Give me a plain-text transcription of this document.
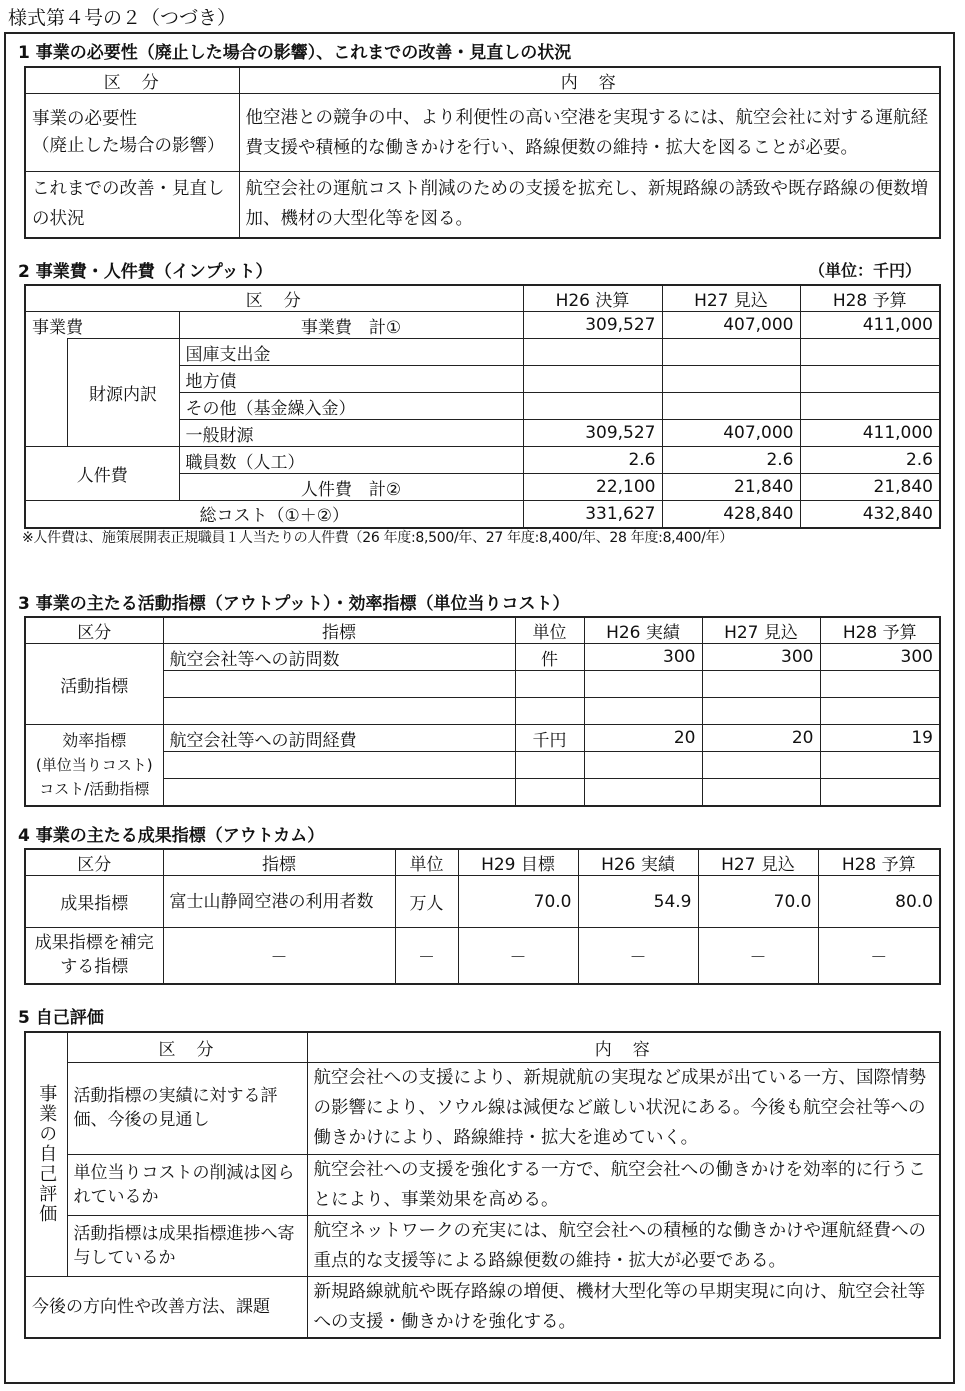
様式第４号の２（つづき）
1 事業の必要性（廃止した場合の影響）、これまでの改善・見直しの状況
区　分	内　容
事業の必要性
（廃止した場合の影響）	他空港との競争の中、より利便性の高い空港を実現するには、航空会社に対する運航経費支援や積極的な働きかけを行い、路線便数の維持・拡大を図ることが必要。
これまでの改善・見直しの状況	航空会社の運航コスト削減のための支援を拡充し、新規路線の誘致や既存路線の便数増加、機材の大型化等を図る。
2 事業費・人件費（インプット）	（単位：千円）
区　分			H26 決算	H27 見込	H28 予算
事業費		事業費　計①	309,527	407,000	411,000
	財源内訳	国庫支出金			
		地方債			
		その他（基金繰入金）			
		一般財源	309,527	407,000	411,000
人件費		職員数（人工）	2.6	2.6	2.6
		人件費　計②	22,100	21,840	21,840
総コスト（①＋②）			331,627	428,840	432,840
※人件費は、施策展開表正規職員１人当たりの人件費（26 年度:8,500/年、27 年度:8,400/年、28 年度:8,400/年）
3 事業の主たる活動指標（アウトプット）・効率指標（単位当りコスト）
区分	指標	単位	H26 実績	H27 見込	H28 予算
活動指標	航空会社等への訪問数	件	300	300	300

効率指標
(単位当りコスト)
コスト/活動指標	航空会社等への訪問経費	千円	20	20	19

4 事業の主たる成果指標（アウトカム）
区分	指標	単位	H29 目標	H26 実績	H27 見込	H28 予算
成果指標	富士山静岡空港の利用者数	万人	70.0	54.9	70.0	80.0
成果指標を補完する指標	－	－	－	－	－	－
5 自己評価
事業の自己評価	区　分	内　容
	活動指標の実績に対する評価、今後の見通し	航空会社への支援により、新規就航の実現など成果が出ている一方、国際情勢の影響により、ソウル線は減便など厳しい状況にある。今後も航空会社等への働きかけにより、路線維持・拡大を進めていく。
	単位当りコストの削減は図られているか	航空会社への支援を強化する一方で、航空会社への働きかけを効率的に行うことにより、事業効果を高める。
	活動指標は成果指標進捗へ寄与しているか	航空ネットワークの充実には、航空会社への積極的な働きかけや運航経費への重点的な支援等による路線便数の維持・拡大が必要である。
今後の方向性や改善方法、課題		新規路線就航や既存路線の増便、機材大型化等の早期実現に向け、航空会社等への支援・働きかけを強化する。
